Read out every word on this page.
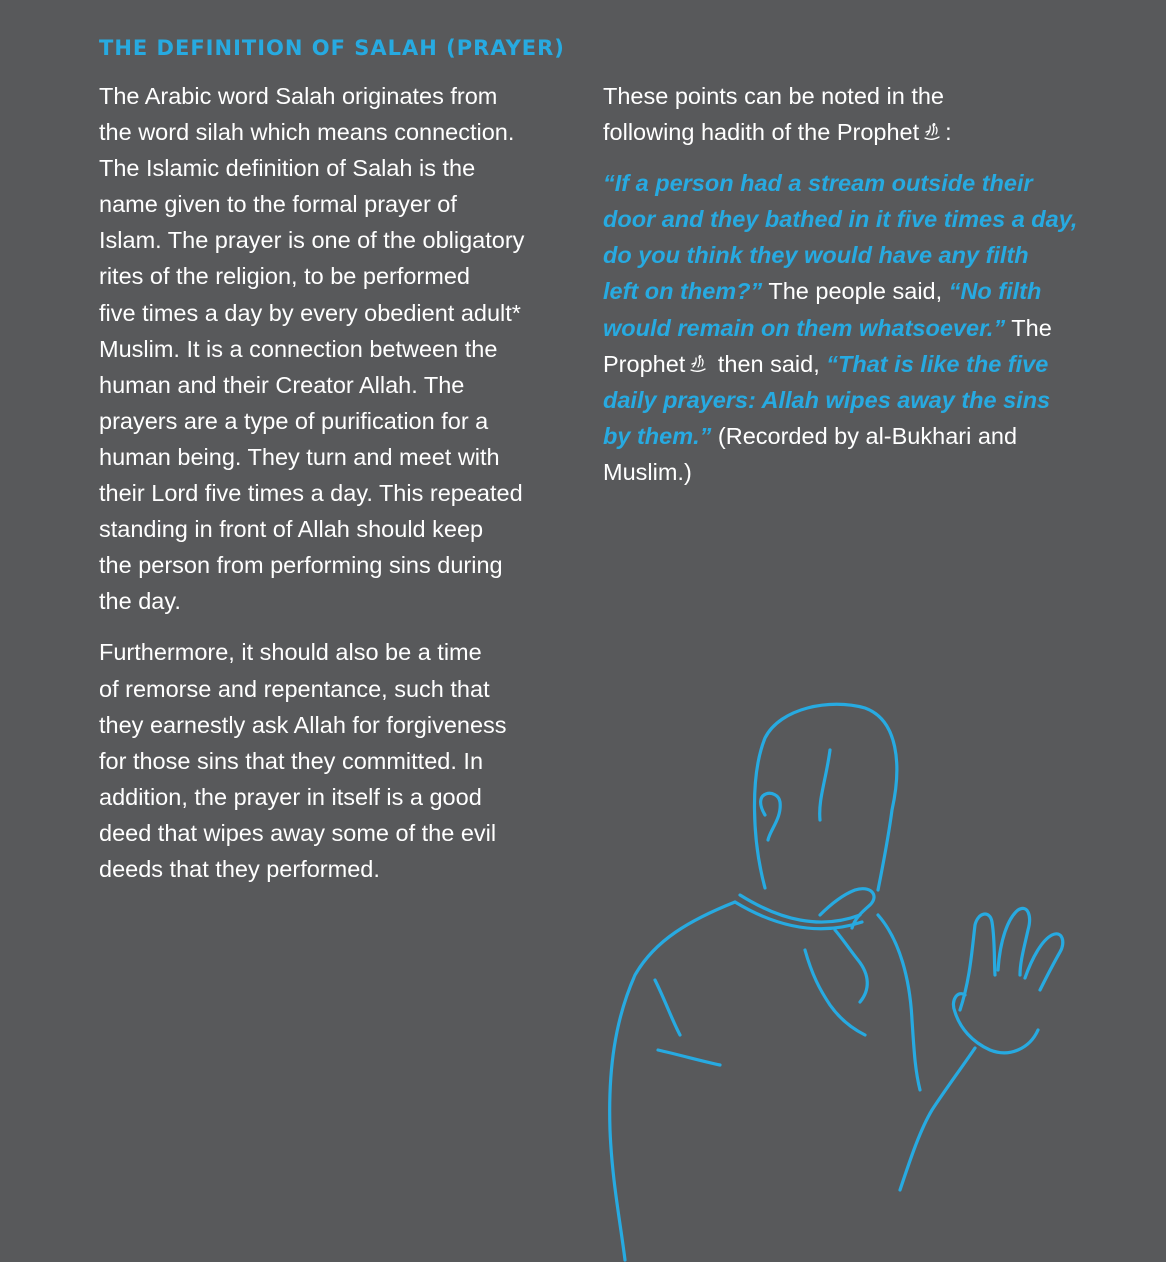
THE DEFINITION OF SALAH (PRAYER)

The Arabic word Salah originates from
the word silah which means connection.
The Islamic definition of Salah is the
name given to the formal prayer of
Islam. The prayer is one of the obligatory
rites of the religion, to be performed
five times a day by every obedient adult*
Muslim. It is a connection between the
human and their Creator Allah. The
prayers are a type of purification for a
human being. They turn and meet with
their Lord five times a day. This repeated
standing in front of Allah should keep
the person from performing sins during
the day.

Furthermore, it should also be a time
of remorse and repentance, such that
they earnestly ask Allah for forgiveness
for those sins that they committed. In
addition, the prayer in itself is a good
deed that wipes away some of the evil
deeds that they performed.

These points can be noted in the
following hadith of the Prophet :

“If a person had a stream outside their
door and they bathed in it five times a day,
do you think they would have any filth
left on them?” The people said, “No filth
would remain on them whatsoever.” The
Prophet then said, “That is like the five
daily prayers: Allah wipes away the sins
by them.” (Recorded by al-Bukhari and
Muslim.)
